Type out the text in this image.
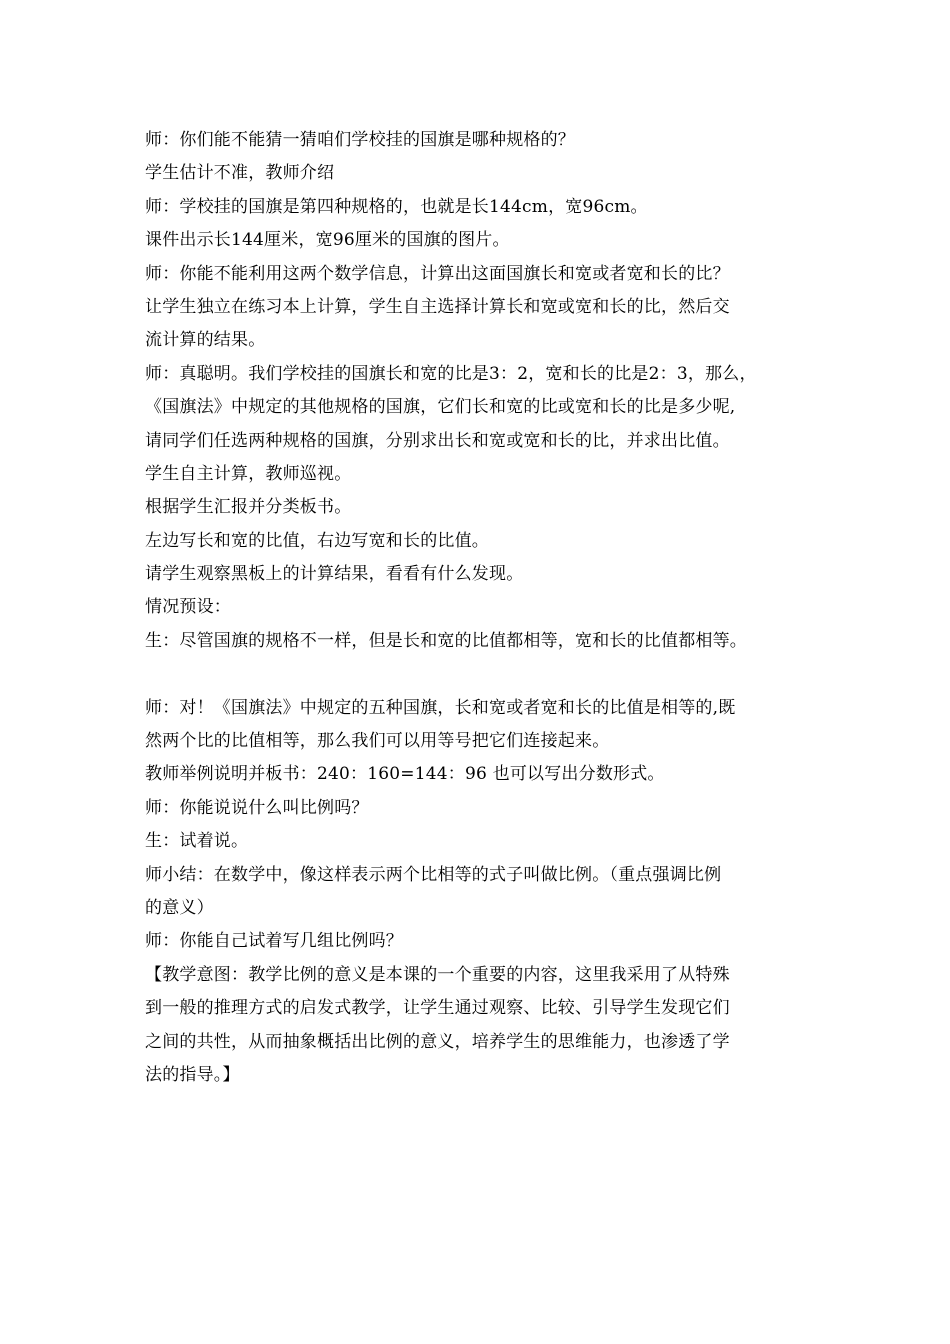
师：你们能不能猜一猜咱们学校挂的国旗是哪种规格的？

学生估计不准，教师介绍

师：学校挂的国旗是第四种规格的，也就是长144cm，宽96cm。

课件出示长144厘米，宽96厘米的国旗的图片。

师：你能不能利用这两个数学信息，计算出这面国旗长和宽或者宽和长的比？

让学生独立在练习本上计算，学生自主选择计算长和宽或宽和长的比，然后交

流计算的结果。

师：真聪明。我们学校挂的国旗长和宽的比是3：2，宽和长的比是2：3，那么，

《国旗法》中规定的其他规格的国旗，它们长和宽的比或宽和长的比是多少呢,

请同学们任选两种规格的国旗，分别求出长和宽或宽和长的比，并求出比值。

学生自主计算，教师巡视。

根据学生汇报并分类板书。

左边写长和宽的比值，右边写宽和长的比值。

请学生观察黑板上的计算结果，看看有什么发现。

情况预设：

生：尽管国旗的规格不一样，但是长和宽的比值都相等，宽和长的比值都相等。

师：对！《国旗法》中规定的五种国旗，长和宽或者宽和长的比值是相等的,既

然两个比的比值相等，那么我们可以用等号把它们连接起来。

教师举例说明并板书：240：160=144：96 也可以写出分数形式。

师：你能说说什么叫比例吗？

生：试着说。

师小结：在数学中，像这样表示两个比相等的式子叫做比例。（重点强调比例

的意义）

师：你能自己试着写几组比例吗？

【教学意图：教学比例的意义是本课的一个重要的内容，这里我采用了从特殊

到一般的推理方式的启发式教学，让学生通过观察、比较、引导学生发现它们

之间的共性，从而抽象概括出比例的意义，培养学生的思维能力，也渗透了学

法的指导。】
